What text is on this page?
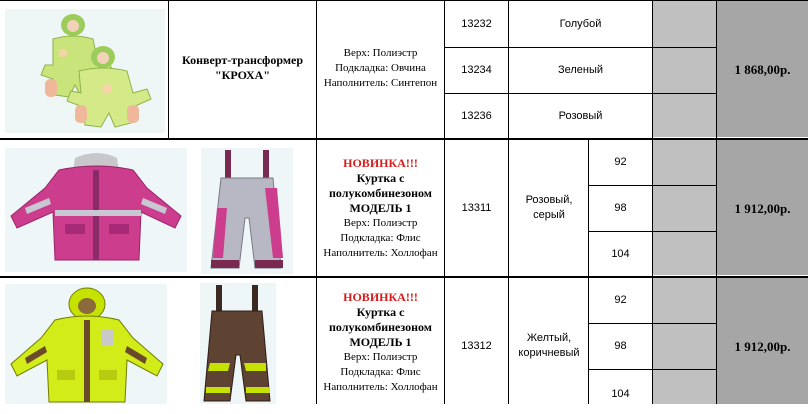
Конверт-трансформер "КРОХА"
Верх: Полиэстр
Подкладка: Овчина
Наполнитель: Синтепон
13232
13234
13236
Голубой
Зеленый
Розовый
1 868,00р.
НОВИНКА!!!
Куртка с
полукомбинезоном
МОДЕЛЬ 1
Верх: Полиэстр
Подкладка: Флис
Наполнитель: Холлофан
13311
Розовый, серый
92
98
104
1 912,00р.
НОВИНКА!!!
Куртка с
полукомбинезоном
МОДЕЛЬ 1
Верх: Полиэстр
Подкладка: Флис
Наполнитель: Холлофан
13312
Желтый, коричневый
92
98
104
1 912,00р.
